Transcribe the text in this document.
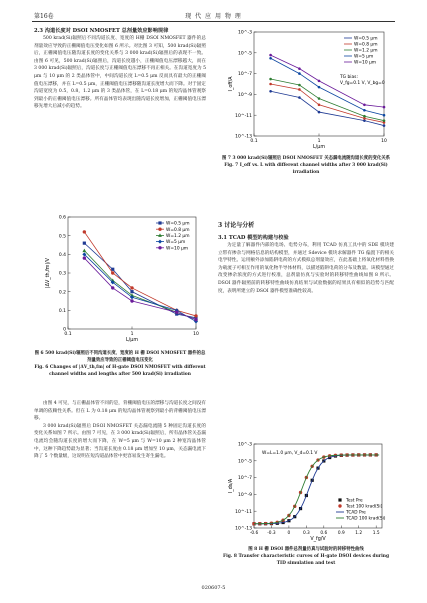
第16卷	现 代 应 用 物 理
2.3 沟道长度对 DSOI NMOSFET 总剂量效应影响规律

500 krad(Si)辐照后不同沟道长度、宽度的 H栅 DSOI NMOSFET 器件的总剂量效应导致的正栅阈值电压变化如图 6 所示。对比图 3 可知，500 krad(Si)辐照后，正栅阈值电压随沟道长度的变化关系与 3 000 krad(Si)辐照后的表现不一致。由图 6 可见，500 krad(Si)辐照后，沟道长度越小，正栅阈值电压漂移越大，而在 3 000 krad(Si)辐照后，沟道长度与正栅阈值电压漂移不再正相关。在沟道宽度为 5 μm 与 10 μm 的 2 类晶体管中，中间沟道长度 L=0.5 μm 反而具有最大的正栅阈值电压漂移，并在 L=0.5 μm，正栅阈值电压漂移随沟道长度增大而下降。对于固定沟道宽度为 0.5，0.8，1.2 μm 的 3 类晶体管，在 L=0.18 μm 的短沟晶体管观察到最小的正栅阈值电压漂移。所有晶体管均表现出随沟道长度增加，正栅阈值电压漂移先增大后减小的趋势。

0
0.1
0.2
0.3
0.4
0.5
0.6
0.1	1	10
L/μm
|ΔV_th,fm|/V
W=0.5 μm
W=0.8 μm
W=1.2 μm
W=5 μm
W=10 μm
图 6 500 krad(Si)辐照后不同沟道长度、宽度的 H 栅 DSOI NMOSFET 器件的总剂量效应导致的正栅阈值电压变化
Fig. 6 Changes of |ΔV_th,fm| of H-gate DSOI NMOSFET with different channel widths and lengths after 500 krad(Si) irradiation

由图 4 可见，与正栅晶体管不同的是，背栅阈值电压的漂移与沟道长度之间没有单调的依赖性关系。但在 L 为 0.18 μm 的短沟晶体管观察到最小的背栅阈值电压漂移。

3 000 krad(Si)辐照后 DSOI NMOSFET 关态漏电流随 5 种固定沟道长度的变化关系如图 7 所示。由图 7 可见，在 3 000 krad(Si)辐照后，所有晶体管关态漏电流均会随沟道长度的增大而下降，在 W=5 μm 与 W=10 μm 2 种宽沟晶体管中，这种下降趋势最为显著；当沟道长度由 0.18 μm 增加至 10 μm，关态漏电流下降了 5 个数量级，这说明在短沟道晶体管中更容易发生寄生漏电。

10^-13
10^-11
10^-9
10^-7
10^-5
10^-3
0.1	1	10
L/μm
I_off/A
W=0.5 μm
W=0.8 μm
W=1.2 μm
W=5 μm
W=10 μm
TG bias:
V_fg=0.1 V, V_bg=0
图 7 3 000 krad(Si)辐照后 DSOI NMOSFET 关态漏电流随沟道长度的变化关系
Fig. 7 I_off vs. L with different channel widths after 3 000 krad(Si) irradiation
3 讨论与分析
3.1 TCAD 模型的构建与校验

为定量了解器件内部的电场、电势分布，利用 TCAD 仿真工具中的 SDE 模块建立带有掺杂与网格信息的结构模型，并通过 Sdevice 模块求解器件 TG 偏置下的相关电学特性。运用额外添加陷阱电荷的方式模拟总剂量效应，在此基础上将氧化材料替换为载流子可相互作用的氧化物半导体材料，以描述陷阱电荷的分布及数量。该模型通过改变掺杂浓度的方式进行校准，总剂量仿真与实验时的转移特性曲线如图 8 所示。DSOI 器件辐照前的转移特性曲线仿真结果与试验数据的结果具有相似的趋势与匹配度，表明所建立的 DSOI 器件模型准确性较高。

10^-13
10^-11
10^-9
10^-7
10^-5
10^-3
-0.6 -0.3	0	0.3 0.6 0.9 1.2 1.5
V_fg/V
I_ds/A
W=L=1.0 μm, V_d=0.1 V
Test Pre
Test 100 krad(Si)
TCAD Pre
TCAD 100 krad(Si)
图 8 H 栅 DSOI 器件总剂量仿真与试验时的转移特性曲线
Fig. 8 Transfer characteristic curves of H-gate DSOI devices during TID simulation and test
020607-5
